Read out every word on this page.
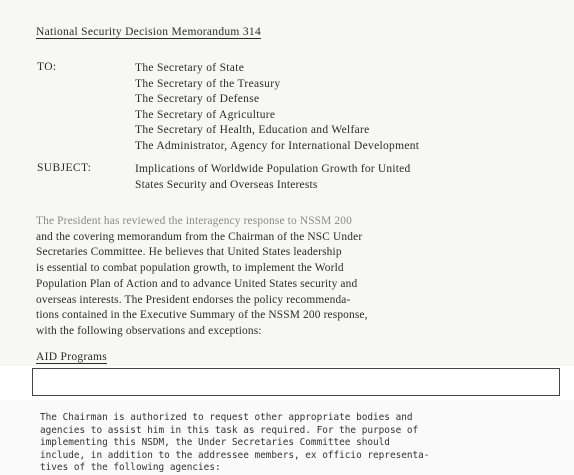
National Security Decision Memorandum 314
TO:	The Secretary of State
The Secretary of the Treasury
The Secretary of Defense
The Secretary of Agriculture
The Secretary of Health, Education and Welfare
The Administrator, Agency for International Development
SUBJECT:	Implications of Worldwide Population Growth for United
States Security and Overseas Interests
The President has reviewed the interagency response to NSSM 200
and the covering memorandum from the Chairman of the NSC Under
Secretaries Committee. He believes that United States leadership
is essential to combat population growth, to implement the World
Population Plan of Action and to advance United States security and
overseas interests. The President endorses the policy recommenda-
tions contained in the Executive Summary of the NSSM 200 response,
with the following observations and exceptions:
AID Programs
The Chairman is authorized to request other appropriate bodies and
agencies to assist him in this task as required. For the purpose of
implementing this NSDM, the Under Secretaries Committee should
include, in addition to the addressee members, ex officio representa-
tives of the following agencies:
